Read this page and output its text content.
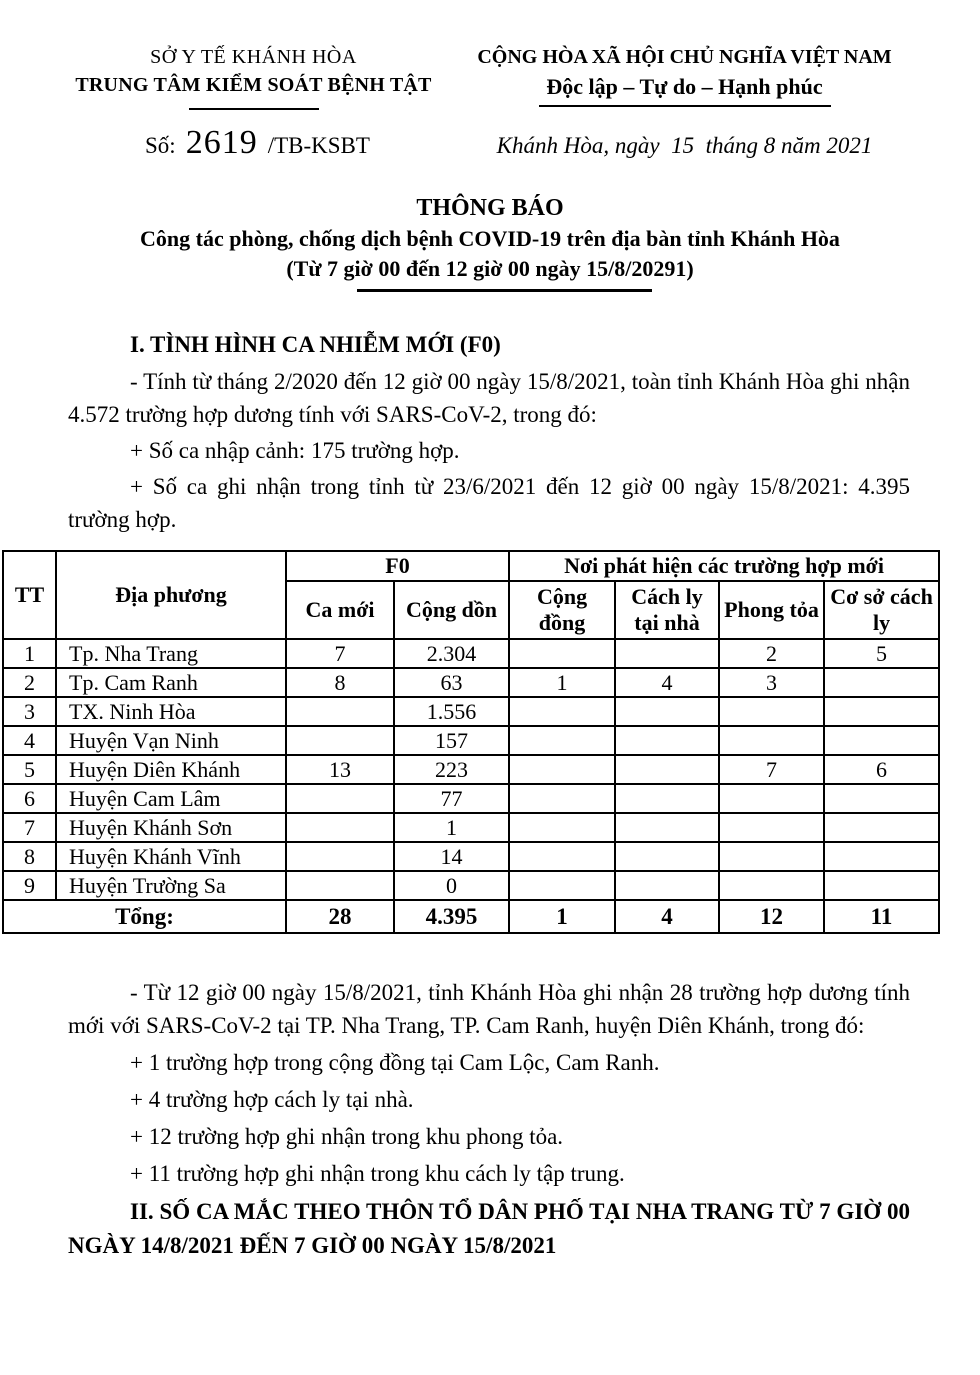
SỞ Y TẾ KHÁNH HÒA
TRUNG TÂM KIỂM SOÁT BỆNH TẬT
CỘNG HÒA XÃ HỘI CHỦ NGHĨA VIỆT NAM
Độc lập – Tự do – Hạnh phúc
Số: 2619 /TB-KSBT	Khánh Hòa, ngày  15  tháng 8 năm 2021
THÔNG BÁO
Công tác phòng, chống dịch bệnh COVID-19 trên địa bàn tỉnh Khánh Hòa
(Từ 7 giờ 00 đến 12 giờ 00 ngày 15/8/20291)
I. TÌNH HÌNH CA NHIỄM MỚI (F0)

- Tính từ tháng 2/2020 đến 12 giờ 00 ngày 15/8/2021, toàn tỉnh Khánh Hòa ghi nhận 4.572 trường hợp dương tính với SARS-CoV-2, trong đó:

+ Số ca nhập cảnh: 175 trường hợp.

+ Số ca ghi nhận trong tỉnh từ 23/6/2021 đến 12 giờ 00 ngày 15/8/2021: 4.395 trường hợp.

TT	Địa phương	F0		Nơi phát hiện các trường hợp mới			
		Ca mới	Cộng dồn	Cộng đồng	Cách ly tại nhà	Phong tỏa	Cơ sở cách ly
1	Tp. Nha Trang	7	2.304			2	5
2	Tp. Cam Ranh	8	63	1	4	3	
3	TX. Ninh Hòa		1.556				
4	Huyện Vạn Ninh		157				
5	Huyện Diên Khánh	13	223			7	6
6	Huyện Cam Lâm		77				
7	Huyện Khánh Sơn		1				
8	Huyện Khánh Vĩnh		14				
9	Huyện Trường Sa		0				
Tổng:		28	4.395	1	4	12	11

- Từ 12 giờ 00 ngày 15/8/2021, tỉnh Khánh Hòa ghi nhận 28 trường hợp dương tính mới với SARS-CoV-2 tại TP. Nha Trang, TP. Cam Ranh, huyện Diên Khánh, trong đó:

+ 1 trường hợp trong cộng đồng tại Cam Lộc, Cam Ranh.

+ 4 trường hợp cách ly tại nhà.

+ 12 trường hợp ghi nhận trong khu phong tỏa.

+ 11 trường hợp ghi nhận trong khu cách ly tập trung.

II. SỐ CA MẮC THEO THÔN TỔ DÂN PHỐ TẠI NHA TRANG TỪ 7 GIỜ 00 NGÀY 14/8/2021 ĐẾN 7 GIỜ 00 NGÀY 15/8/2021
